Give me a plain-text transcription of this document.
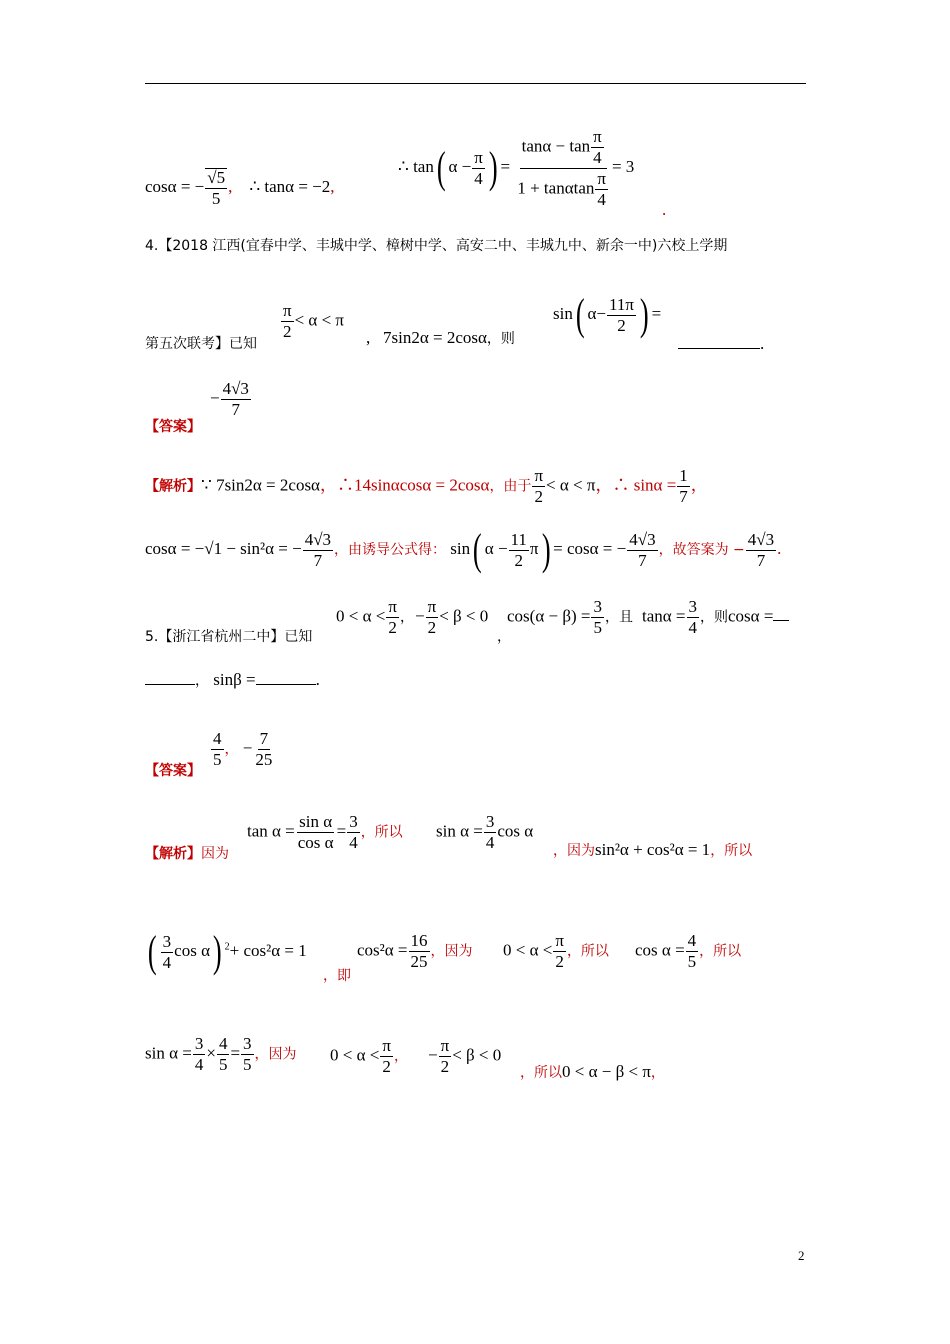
cosα = − $\frac{√5}{5}$ , ∴ tanα = −2,
∴ tan( $\alpha - \frac{\pi}{4}$ ) = $\frac{\tan\alpha - \tan \frac{\pi}{4}}{1 + \tan\alpha\tan \frac{\pi}{4}} = 3$
.
4.【2018 江西(宜春中学、丰城中学、樟树中学、高安二中、丰城九中、新余一中)六校上学期
第五次联考】已知
$\frac{\pi}{2} < \alpha < \pi$
, 7sin2α = 2cosα，则
sin( $\alpha- \frac{11\pi}{2}$ ) =
.
【答案】
− $\frac{4√3}{7}$
【解析】∵ 7sin2α = 2cosα，∴14sinαcosα = 2cosα，由于 $\frac{\pi}{2} < \alpha < \pi$，∴ $\sin\alpha = \frac{1}{7}$ ，
cosα = −√1 − sin²α = − $\frac{4√3}{7}$ ，由诱导公式得： sin( $\alpha - \frac{11}{2} \pi) = \cos\alpha$ = − $\frac{4√3}{7}$ ，故答案为 − $\frac{4√3}{7}$ .
5.【浙江省杭州二中】已知
$0 < \alpha < \frac{\pi}{2}$ ， − $\frac{\pi}{2} < \beta < 0$
，
$\cos(\alpha - \beta) = \frac{3}{5}$ ，且 $\tan\alpha = \frac{3}{4}$ ，则cosα =
， sinβ =	.
【答案】
$\frac{4}{5}$ ， − $\frac{7}{25}$
【解析】因为
$\tan \alpha = \frac{\text{sin α}}{\text{cos α}} = \frac{3}{4}$ ，所以 $\sin \alpha = \frac{3}{4}$ cos α
，因为sin²α + cos²α = 1，所以
( $\frac{3}{4}$ cos α) $^2$+ cos²α = 1
，即
$\cos^2\alpha = \frac{16}{25}$ ，因为 $0 < \alpha < \frac{\pi}{2}$ ，所以 $\cos \alpha = \frac{4}{5}$ ，所以
$\sin \alpha = \frac{3}{4} \times \frac{4}{5} = \frac{3}{5}$ ，因为 $0 < \alpha < \frac{\pi}{2}$ ， − $\frac{\pi}{2} < \beta < 0$
，所以0 < α − β < π，
2
